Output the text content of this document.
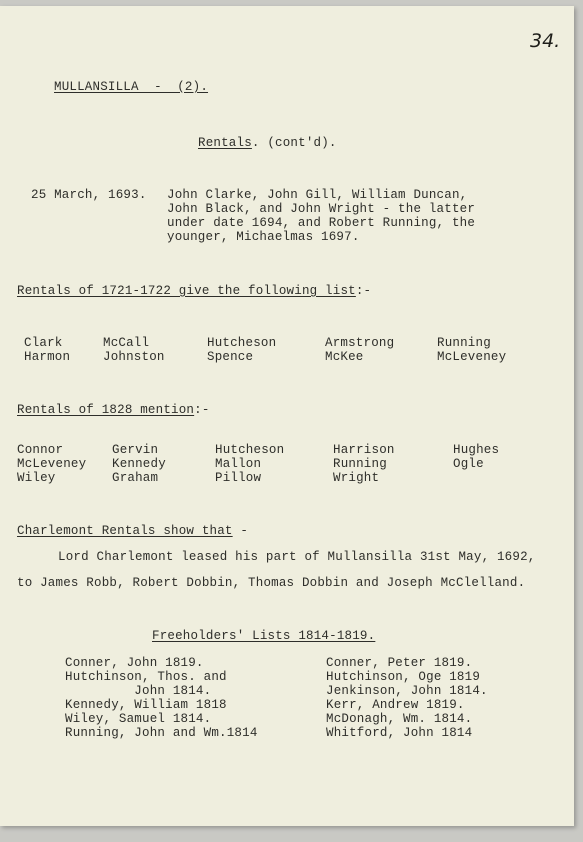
34.
MULLANSILLA  -  (2).
Rentals. (cont'd).
25 March, 1693. John Clarke, John Gill, William Duncan,
John Black, and John Wright - the latter
under date 1694, and Robert Running, the
younger, Michaelmas 1697.
Rentals of 1721-1722 give the following list:-
Clark
Harmon
McCall
Johnston
Hutcheson
Spence
Armstrong
McKee
Running
McLeveney
Rentals of 1828 mention:-
Connor
McLeveney
Wiley
Gervin
Kennedy
Graham
Hutcheson
Mallon
Pillow
Harrison
Running
Wright
Hughes
Ogle
Charlemont Rentals show that -
Lord Charlemont leased his part of Mullansilla 31st May, 1692,
to James Robb, Robert Dobbin, Thomas Dobbin and Joseph McClelland.
Freeholders' Lists 1814-1819.
Conner, John 1819.
Hutchinson, Thos. and
John 1814.
Kennedy, William 1818
Wiley, Samuel 1814.
Running, John and Wm.1814
Conner, Peter 1819.
Hutchinson, Oge 1819
Jenkinson, John 1814.
Kerr, Andrew 1819.
McDonagh, Wm. 1814.
Whitford, John 1814
